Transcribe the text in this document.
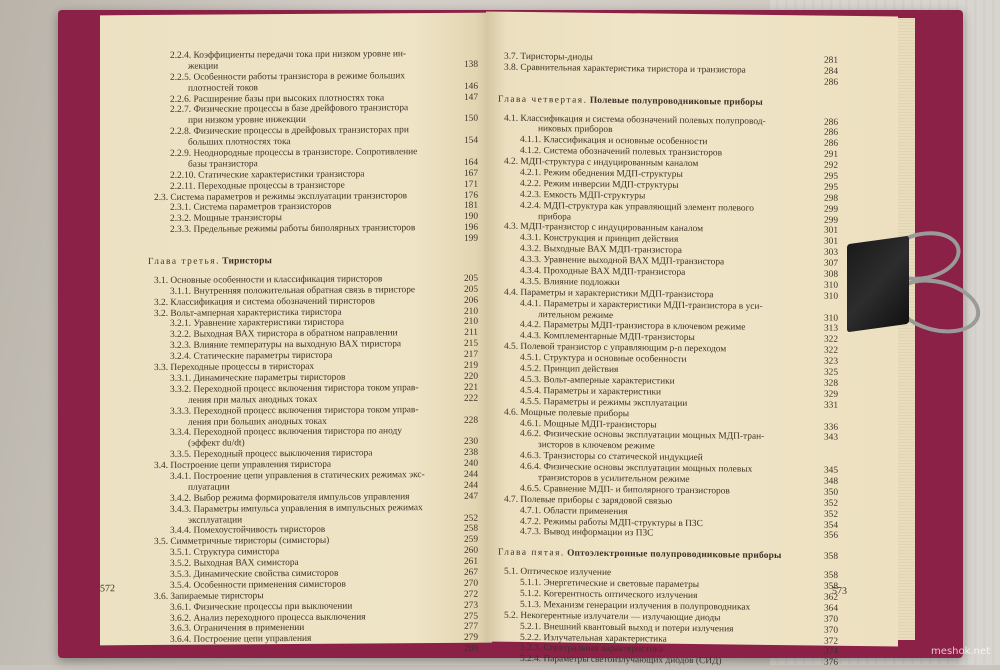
2.2.4. Коэффициенты передачи тока при низком уровне ин-
жекции	138
2.2.5. Особенности работы транзистора в режиме больших
плотностей токов	146
2.2.6. Расширение базы при высоких плотностях тока	147
2.2.7. Физические процессы в базе дрейфового транзистора
при низком уровне инжекции	150
2.2.8. Физические процессы в дрейфовых транзисторах при
больших плотностях тока	154
2.2.9. Неоднородные процессы в транзисторе. Сопротивление
базы транзистора	164
2.2.10. Статические характеристики транзистора	167
2.2.11. Переходные процессы в транзисторе	171
2.3. Система параметров и режимы эксплуатации транзисторов	176
2.3.1. Система параметров транзисторов	181
2.3.2. Мощные транзисторы	190
2.3.3. Предельные режимы работы биполярных транзисторов	196
199
Глава третья. Тиристоры
3.1. Основные особенности и классификация тиристоров	205
3.1.1. Внутренняя положительная обратная связь в тиристоре	205
3.2. Классификация и система обозначений тиристоров	206
3.2. Вольт-амперная характеристика тиристора	210
3.2.1. Уравнение характеристики тиристора	210
3.2.2. Выходная ВАХ тиристора в обратном направлении	211
3.2.3. Влияние температуры на выходную ВАХ тиристора	215
3.2.4. Статические параметры тиристора	217
3.3. Переходные процессы в тиристорах	219
3.3.1. Динамические параметры тиристоров	220
3.3.2. Переходной процесс включения тиристора током управ-	221
ления при малых анодных токах	222
3.3.3. Переходной процесс включения тиристора током управ-
ления при больших анодных токах	228
3.3.4. Переходной процесс включения тиристора по аноду
(эффект du/dt)	230
3.3.5. Переходный процесс выключения тиристора	238
3.4. Построение цепи управления тиристора	240
3.4.1. Построение цепи управления в статических режимах экс-	244
плуатации	244
3.4.2. Выбор режима формирователя импульсов управления	247
3.4.3. Параметры импульса управления в импульсных режимах
эксплуатации	252
3.4.4. Помехоустойчивость тиристоров	258
3.5. Симметричные тиристоры (симисторы)	259
3.5.1. Структура симистора	260
3.5.2. Выходная ВАХ симистора	261
3.5.3. Динамические свойства симисторов	267
3.5.4. Особенности применения симисторов	270
3.6. Запираемые тиристоры	272
3.6.1. Физические процессы при выключении	273
3.6.2. Анализ переходного процесса выключения	275
3.6.3. Ограничения в применении	277
3.6.4. Построение цепи управления	279
280
572
3.7. Тиристоры-диоды	281
3.8. Сравнительная характеристика тиристора и транзистора	284
286
Глава четвертая. Полевые полупроводниковые приборы
4.1. Классификация и система обозначений полевых полупровод-	286
никовых приборов	286
4.1.1. Классификация и основные особенности	286
4.1.2. Система обозначений полевых транзисторов	291
4.2. МДП-структура с индуцированным каналом	292
4.2.1. Режим обеднения МДП-структуры	295
4.2.2. Режим инверсии МДП-структуры	295
4.2.3. Емкость МДП-структуры	298
4.2.4. МДП-структура как управляющий элемент полевого	299
прибора	299
4.3. МДП-транзистор с индуцированным каналом	301
4.3.1. Конструкция и принцип действия	301
4.3.2. Выходные ВАХ МДП-транзистора	303
4.3.3. Уравнение выходной ВАХ МДП-транзистора	307
4.3.4. Проходные ВАХ МДП-транзистора	308
4.3.5. Влияние подложки	310
4.4. Параметры и характеристики МДП-транзистора	310
4.4.1. Параметры и характеристики МДП-транзистора в уси-
лительном режиме	310
4.4.2. Параметры МДП-транзистора в ключевом режиме	313
4.4.3. Комплементарные МДП-транзисторы	322
4.5. Полевой транзистор с управляющим p-n переходом	322
4.5.1. Структура и основные особенности	323
4.5.2. Принцип действия	325
4.5.3. Вольт-амперные характеристики	328
4.5.4. Параметры и характеристики	329
4.5.5. Параметры и режимы эксплуатации	331
4.6. Мощные полевые приборы
4.6.1. Мощные МДП-транзисторы	336
4.6.2. Физические основы эксплуатации мощных МДП-тран-	343
зисторов в ключевом режиме
4.6.3. Транзисторы со статической индукцией
4.6.4. Физические основы эксплуатации мощных полевых	345
транзисторов в усилительном режиме	348
4.6.5. Сравнение МДП- и биполярного транзисторов	350
4.7. Полевые приборы с зарядовой связью	352
4.7.1. Области применения	352
4.7.2. Режимы работы МДП-структуры в ПЗС	354
4.7.3. Вывод информации из ПЗС	356
Глава пятая. Оптоэлектронные полупроводниковые приборы	358
5.1. Оптическое излучение	358
5.1.1. Энергетические и световые параметры	358
5.1.2. Когерентность оптического излучения	362
5.1.3. Механизм генерации излучения в полупроводниках	364
5.2. Некогерентные излучатели — излучающие диоды	370
5.2.1. Внешний квантовый выход и потери излучения	370
5.2.2. Излучательная характеристика	372
5.2.3. Спектральная характеристика	374
5.2.4. Параметры светоизлучающих диодов (СИД)	376
573
meshok.net
